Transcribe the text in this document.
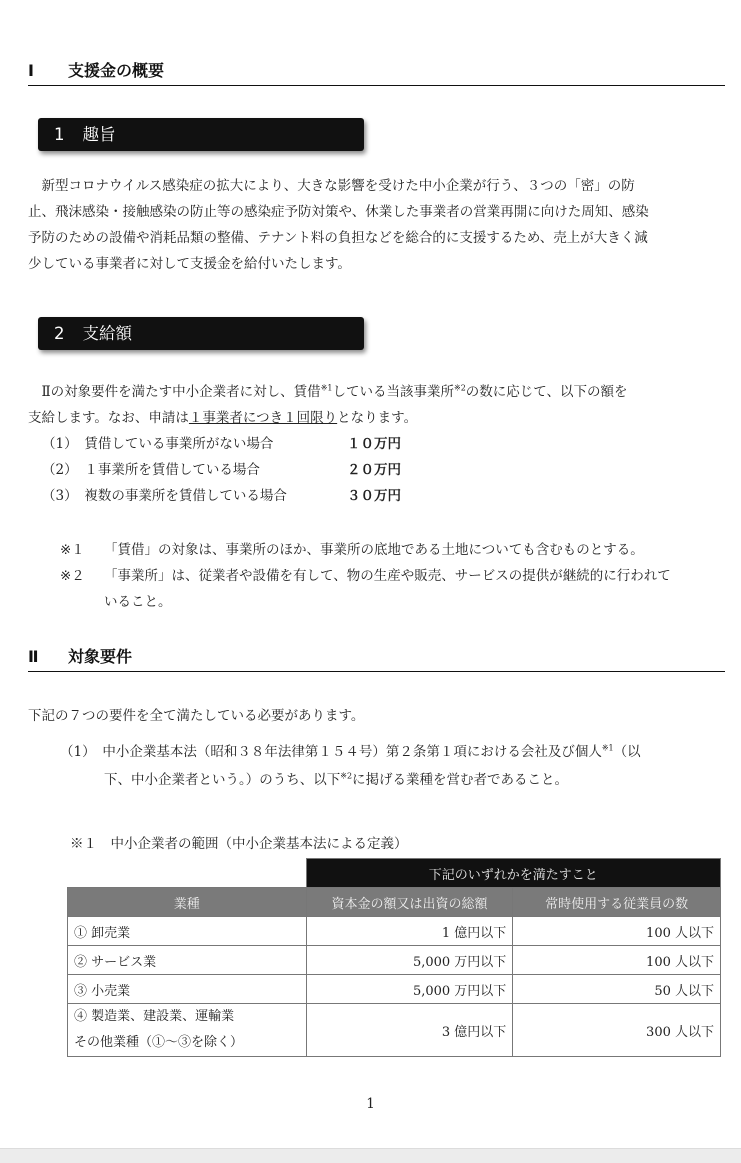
Ⅰ 支援金の概要
1 趣旨
　新型コロナウイルス感染症の拡大により、大きな影響を受けた中小企業が行う、３つの「密」の防
止、飛沫感染・接触感染の防止等の感染症予防対策や、休業した事業者の営業再開に向けた周知、感染
予防のための設備や消耗品類の整備、テナント料の負担などを総合的に支援するため、売上が大きく減
少している事業者に対して支援金を給付いたします。
2 支給額
　Ⅱの対象要件を満たす中小企業者に対し、賃借$^{※1}$している当該事業所$^{※2}$の数に応じて、以下の額を
支給します。なお、申請は１事業者につき１回限りとなります。
（1）　賃借している事業所がない場合	１０万円
（2）　１事業所を賃借している場合	２０万円
（3）　複数の事業所を賃借している場合	３０万円
※１ 「賃借」の対象は、事業所のほか、事業所の底地である土地についても含むものとする。
※２ 「事業所」は、従業者や設備を有して、物の生産や販売、サービスの提供が継続的に行われて
いること。
Ⅱ 対象要件
下記の７つの要件を全て満たしている必要があります。
（1）　中小企業基本法（昭和３８年法律第１５４号）第２条第１項における会社及び個人$^{※1}$（以
下、中小企業者という。）のうち、以下$^{※2}$に掲げる業種を営む者であること。
※１　中小企業者の範囲（中小企業基本法による定義）
	下記のいずれかを満たすこと	
業種	資本金の額又は出資の総額	常時使用する従業員の数
① 卸売業	1 億円以下	100 人以下
② サービス業	5,000 万円以下	100 人以下
③ 小売業	5,000 万円以下	50 人以下

④ 製造業、建設業、運輸業
その他業種（①～③を除く）	3 億円以下	300 人以下
1
